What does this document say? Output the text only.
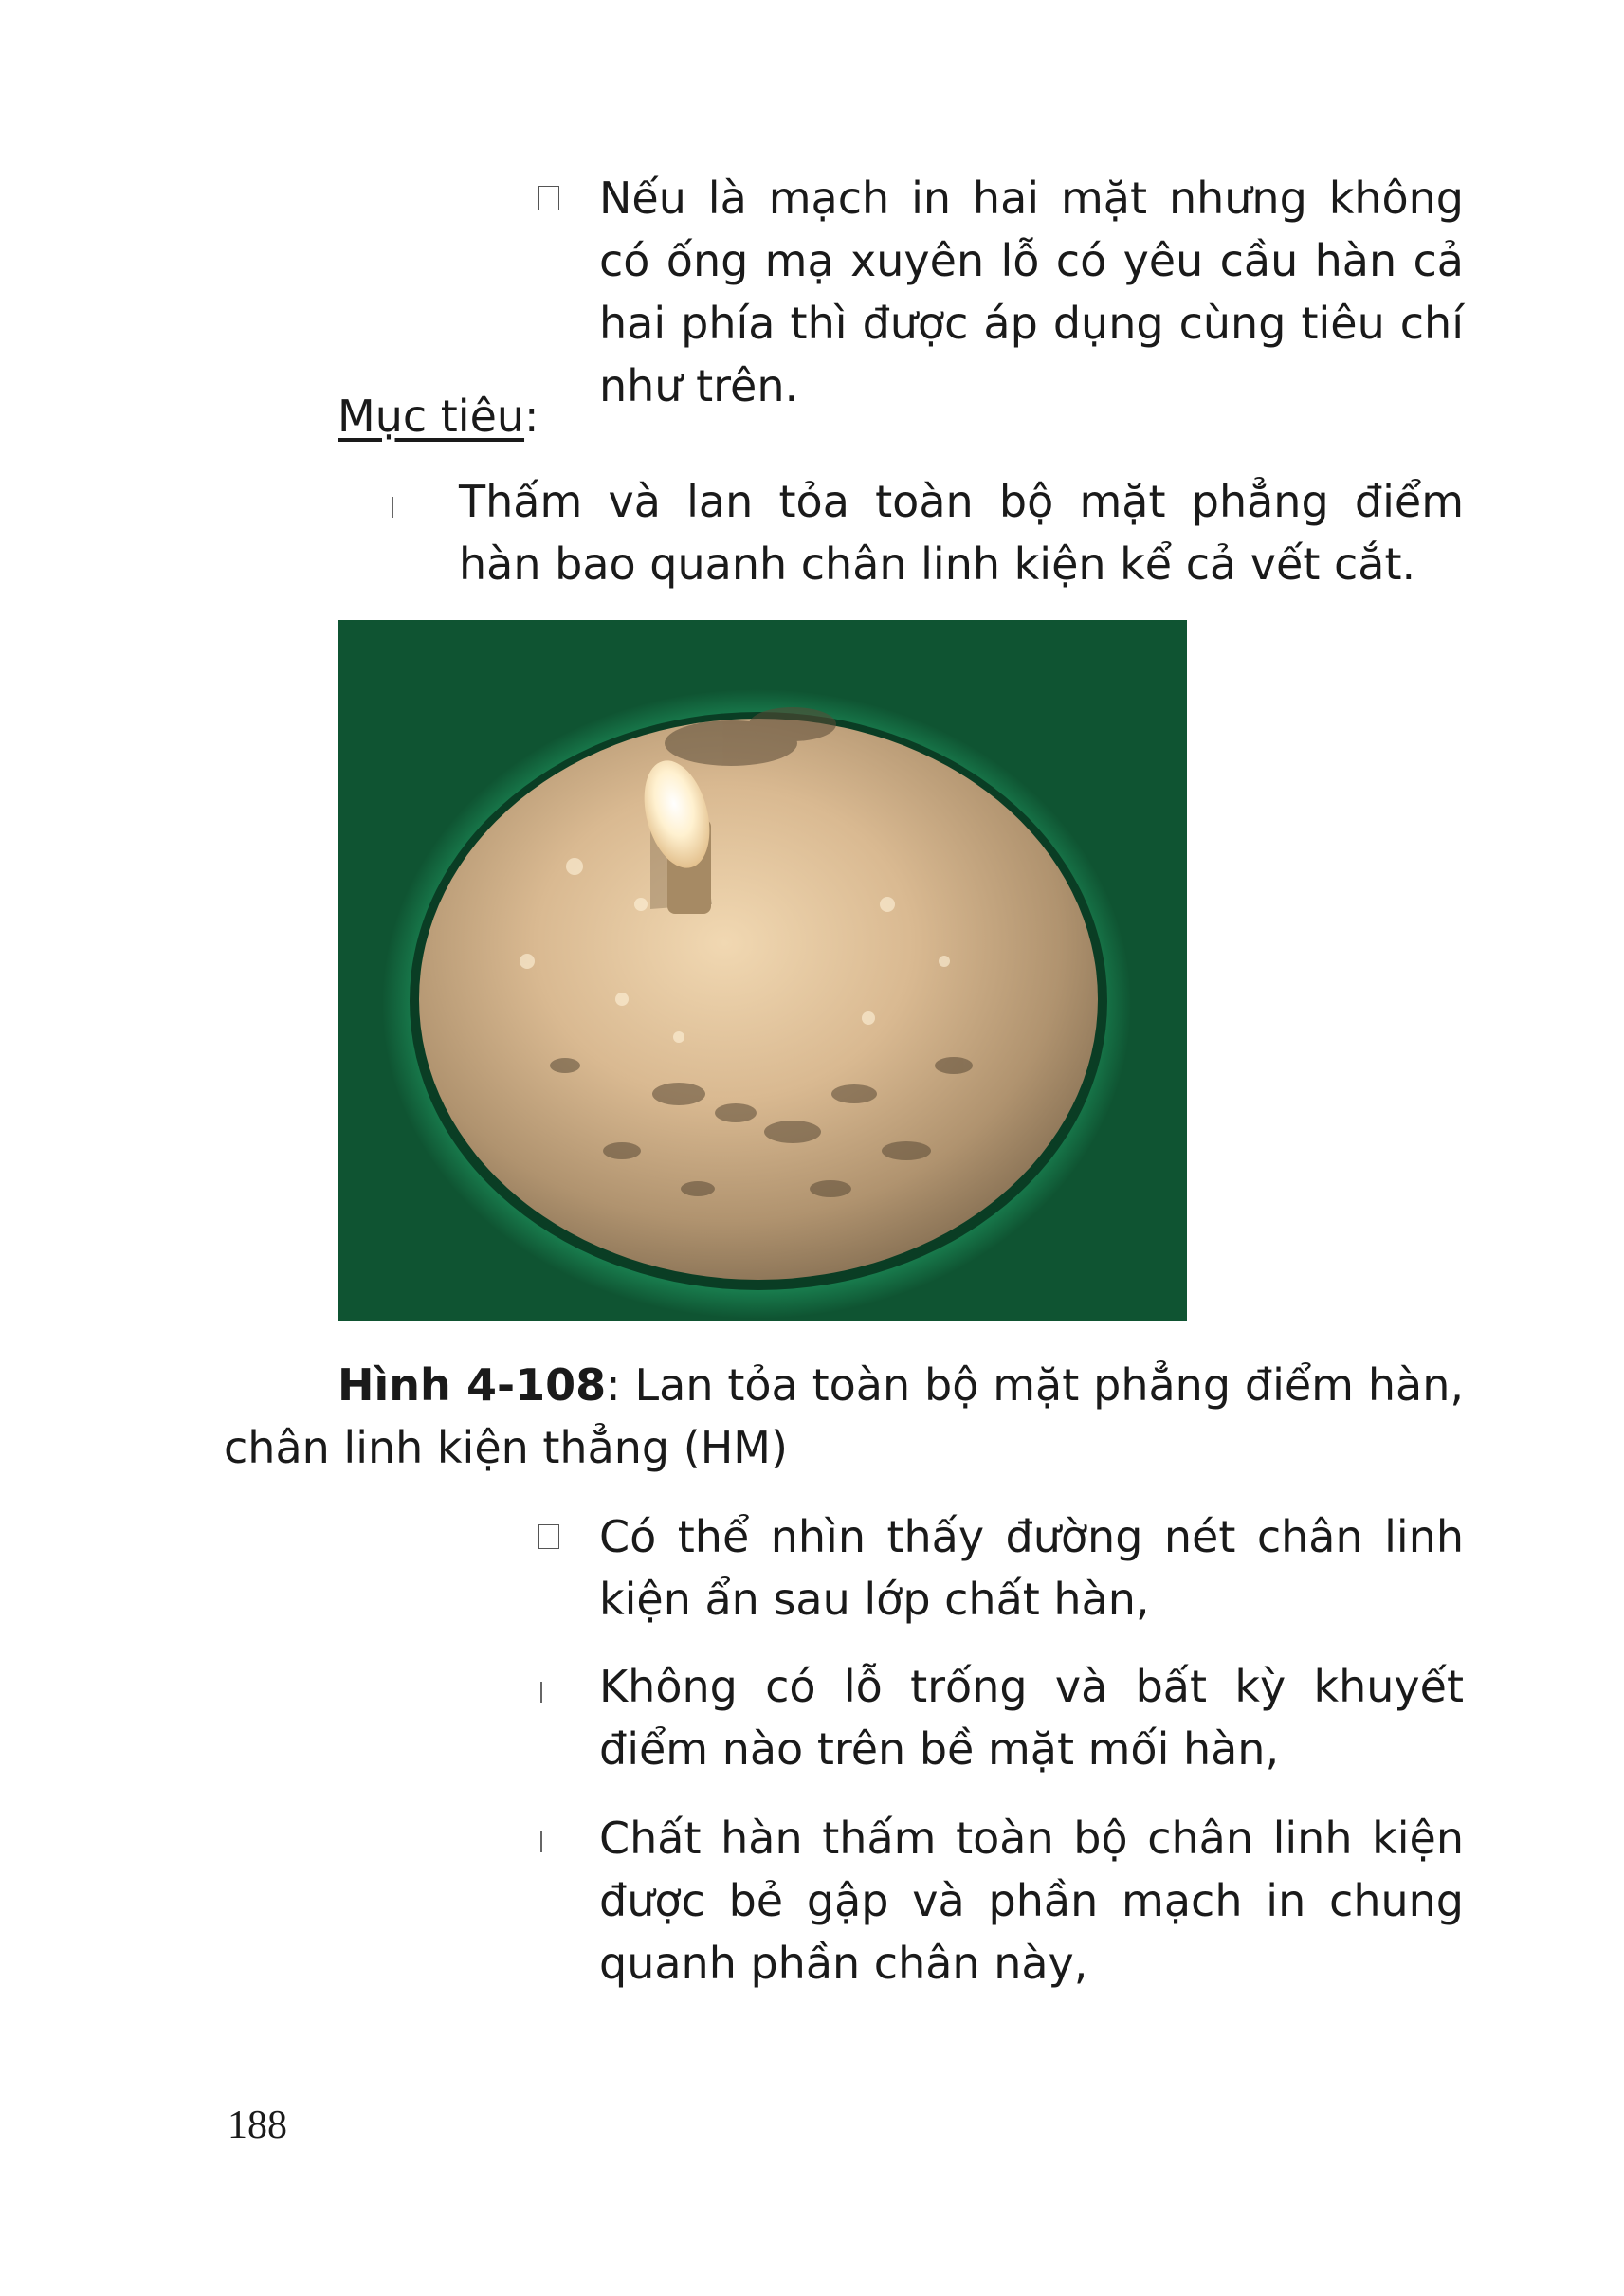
Nếu là mạch in hai mặt nhưng không có ống mạ xuyên lỗ có yêu cầu hàn cả hai phía thì được áp dụng cùng tiêu chí như trên.
Mục tiêu:
Thấm và lan tỏa toàn bộ mặt phẳng điểm hàn bao quanh chân linh kiện kể cả vết cắt.
Hình 4-108: Lan tỏa toàn bộ mặt phẳng điểm hàn, chân linh kiện thẳng (HM)
Có thể nhìn thấy đường nét chân linh kiện ẩn sau lớp chất hàn,
Không có lỗ trống và bất kỳ khuyết điểm nào trên bề mặt mối hàn,
Chất hàn thấm toàn bộ chân linh kiện được bẻ gập và phần mạch in chung quanh phần chân này,
188
